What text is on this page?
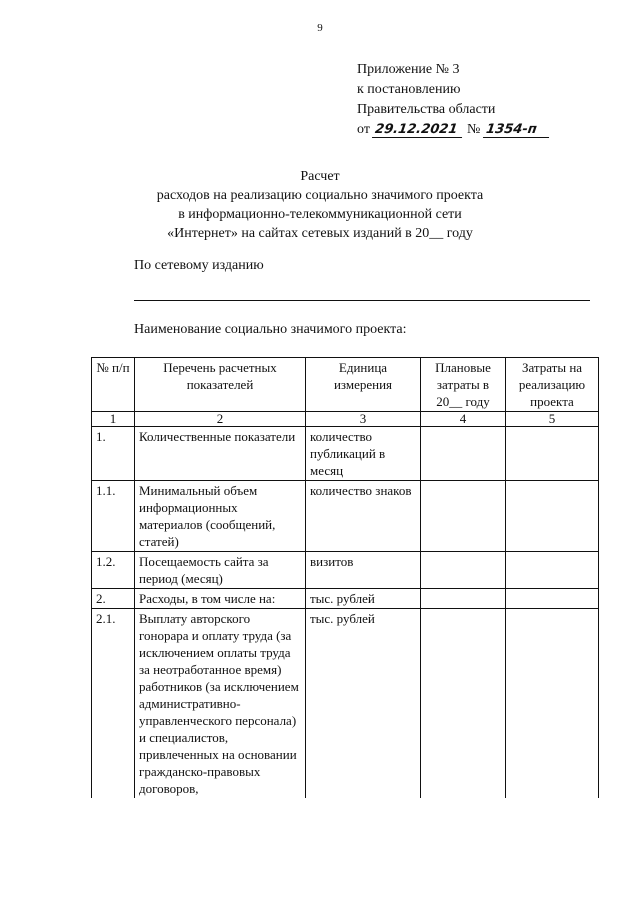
9
Приложение № 3
к постановлению
Правительства области
от 29.12.2021 № 1354-п
Расчет
расходов на реализацию социально значимого проекта
в информационно-телекоммуникационной сети
«Интернет» на сайтах сетевых изданий в 20__ году
По сетевому изданию
Наименование социально значимого проекта:
№ п/п	Перечень расчетных показателей	Единица измерения	Плановые затраты в 20__ году	Затраты на реализацию проекта
1	2	3	4	5
1.	Количественные показатели	количество публикаций в месяц		
1.1.	Минимальный объем информационных материалов (сообщений, статей)	количество знаков		
1.2.	Посещаемость сайта за период (месяц)	визитов		
2.	Расходы, в том числе на:	тыс. рублей		
2.1.	Выплату авторского гонорара и оплату труда (за исключением оплаты труда за неотработанное время) работников (за исключением административно-управленческого персонала) и специалистов, привлеченных на основании гражданско-правовых договоров,	тыс. рублей		
